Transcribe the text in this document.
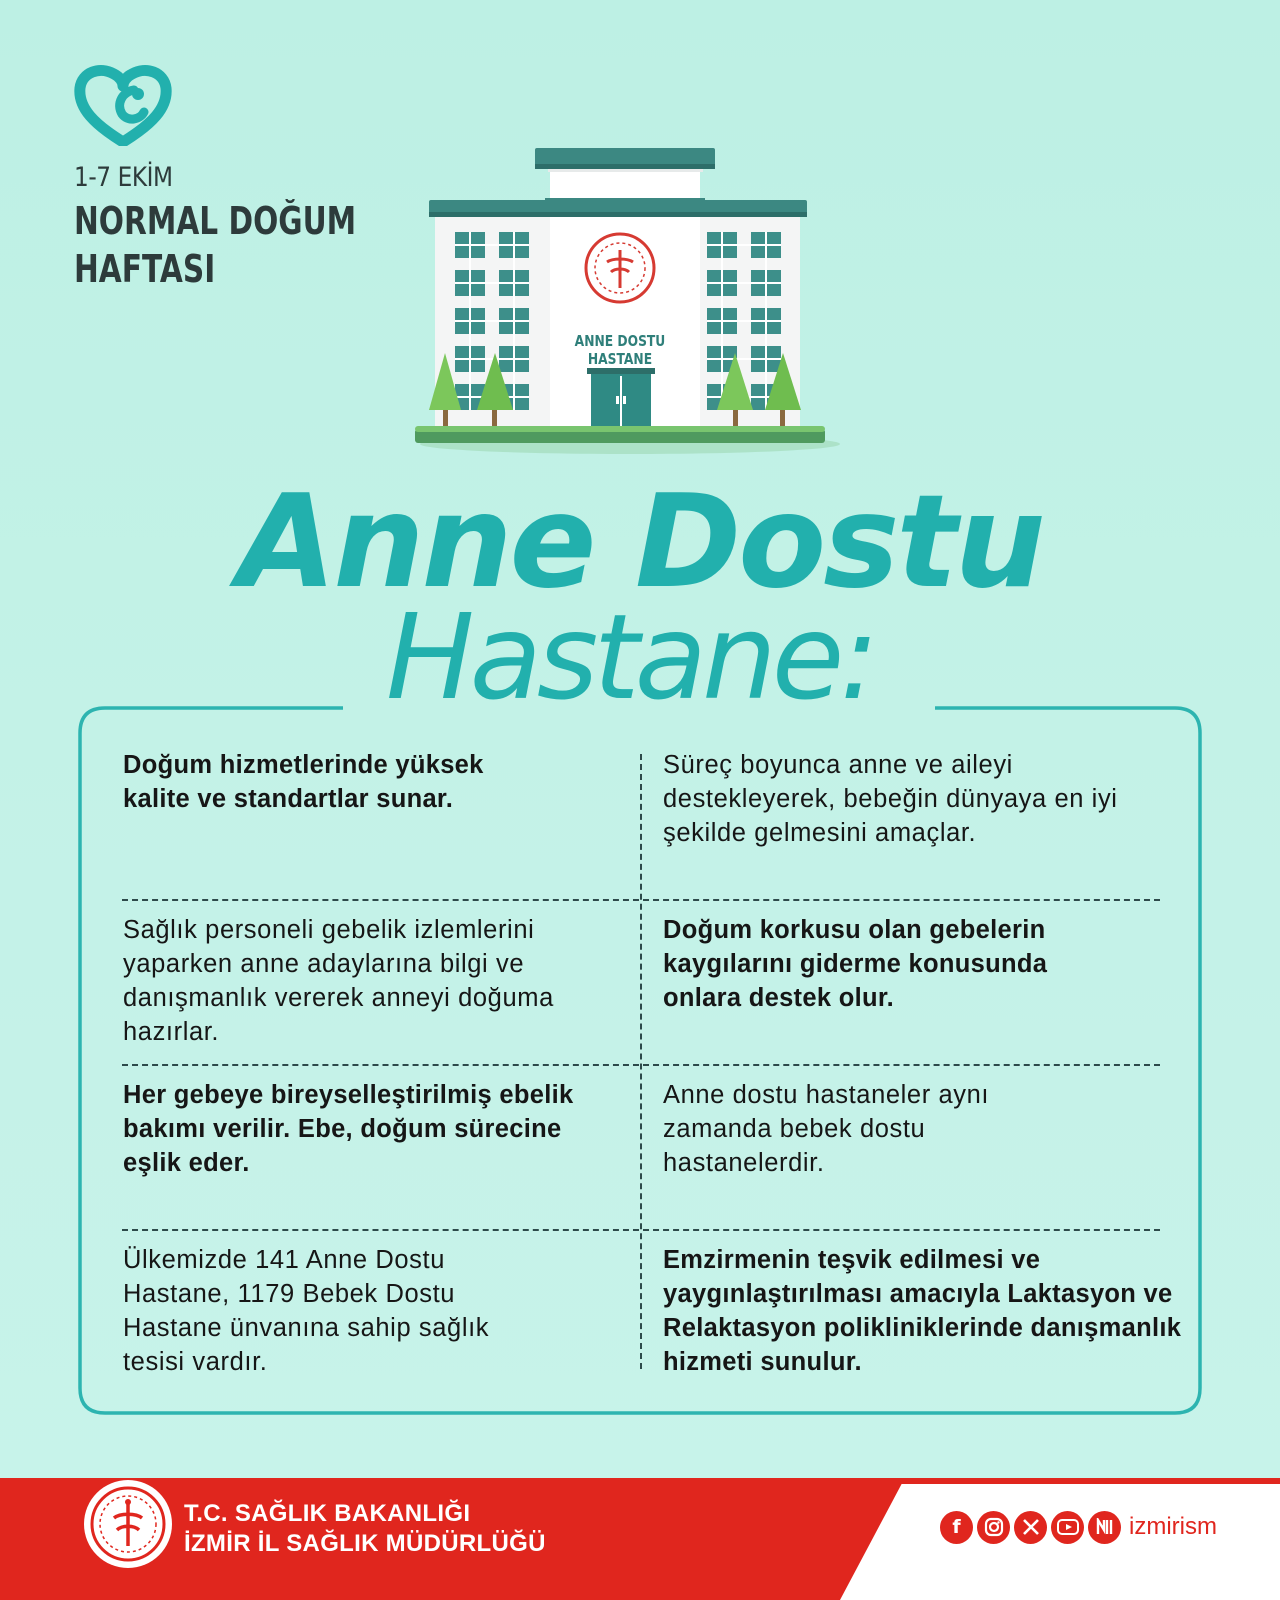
1-7 EKİM
NORMAL DOĞUM
HAFTASI
ANNE DOSTU
HASTANE
Anne Dostu
Hastane:
Doğum hizmetlerinde yüksek kalite ve standartlar sunar.
Süreç boyunca anne ve aileyi destekleyerek, bebeğin dünyaya en iyi şekilde gelmesini amaçlar.
Sağlık personeli gebelik izlemlerini yaparken anne adaylarına bilgi ve danışmanlık vererek anneyi doğuma hazırlar.
Doğum korkusu olan gebelerin kaygılarını giderme konusunda onlara destek olur.
Her gebeye bireyselleştirilmiş ebelik bakımı verilir. Ebe, doğum sürecine eşlik eder.
Anne dostu hastaneler aynı zamanda bebek dostu hastanelerdir.
Ülkemizde 141 Anne Dostu Hastane, 1179 Bebek Dostu Hastane ünvanına sahip sağlık tesisi vardır.
Emzirmenin teşvik edilmesi ve yaygınlaştırılması amacıyla Laktasyon ve Relaktasyon polikliniklerinde danışmanlık hizmeti sunulur.
T.C. SAĞLIK BAKANLIĞI
İZMİR İL SAĞLIK MÜDÜRLÜĞÜ
f	izmirism
